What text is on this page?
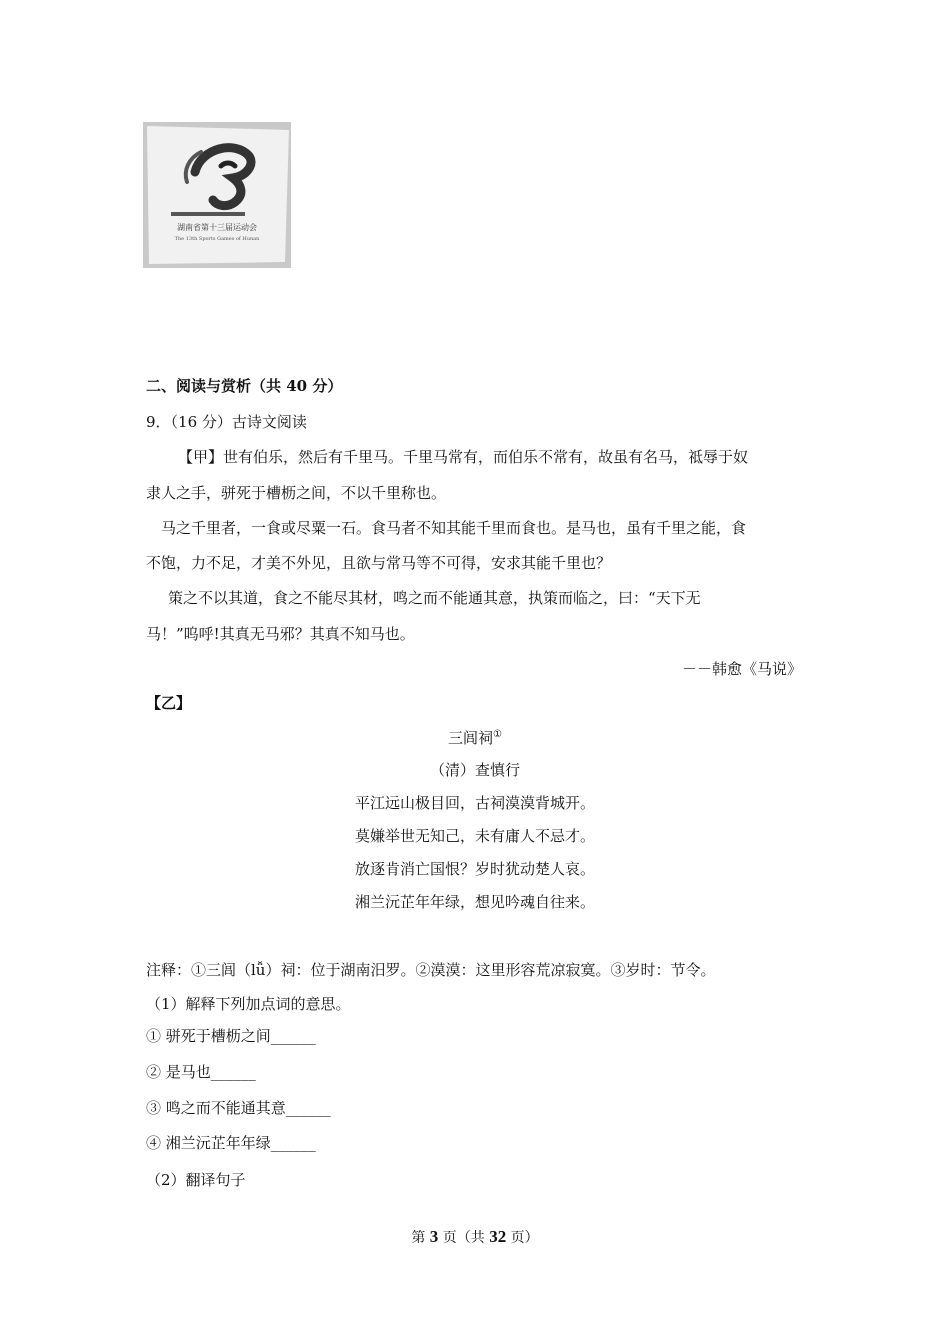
湖南省第十三届运动会
The 13th Sports Games of Hunan
二、阅读与赏析（共 40 分）
9．（16 分）古诗文阅读
【甲】世有伯乐，然后有千里马。千里马常有，而伯乐不常有，故虽有名马，祗辱于奴
隶人之手，骈死于槽枥之间，不以千里称也。
马之千里者，一食或尽粟一石。食马者不知其能千里而食也。是马也，虽有千里之能，食
不饱，力不足，才美不外见，且欲与常马等不可得，安求其能千里也？
策之不以其道，食之不能尽其材，鸣之而不能通其意，执策而临之，曰：“天下无
马！”呜呼!其真无马邪？其真不知马也。
－－韩愈《马说》
【乙】
三闾祠①
（清）查慎行
平江远山极目回，古祠漠漠背城开。
莫嫌举世无知己，未有庸人不忌才。
放逐肯消亡国恨？岁时犹动楚人哀。
湘兰沅芷年年绿，想见吟魂自往来。
注释：①三闾（lǚ）祠：位于湖南汨罗。②漠漠：这里形容荒凉寂寞。③岁时：节令。
（1）解释下列加点词的意思。
① 骈死于槽枥之间______
② 是马也______
③ 鸣之而不能通其意______
④ 湘兰沅芷年年绿______
（2）翻译句子
第 3 页（共 32 页）
